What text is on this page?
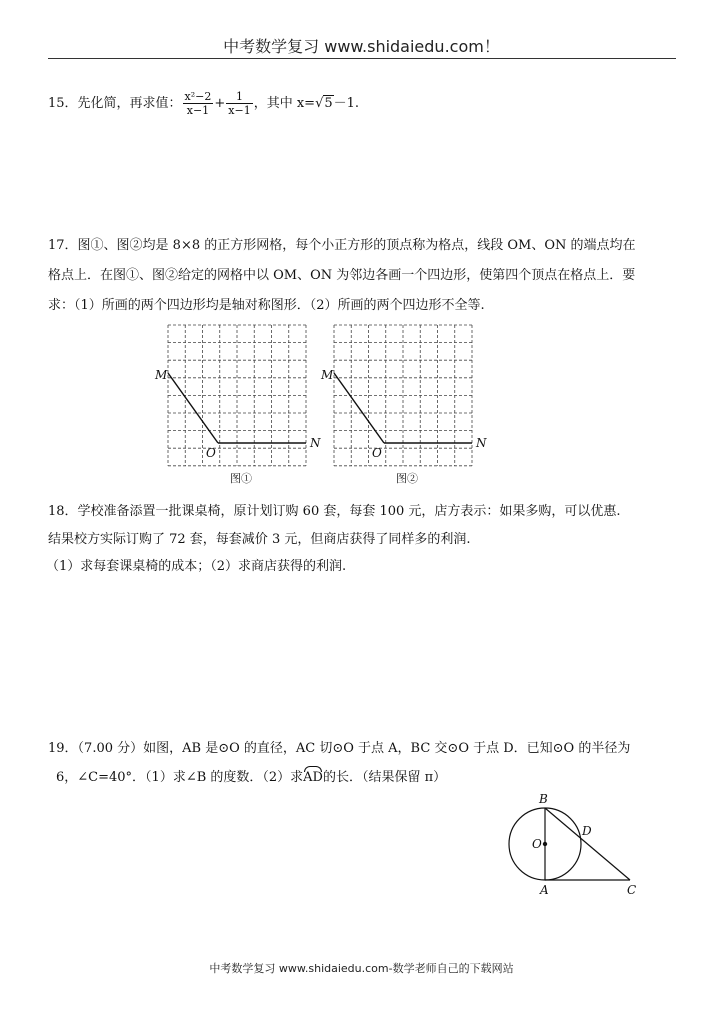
中考数学复习 www.shidaiedu.com！
15．先化简，再求值： $\frac{\text{x²−2}}{x-1} + \frac{1}{x-1}$ ，其中 x=√5－1.
17．图①、图②均是 8×8 的正方形网格，每个小正方形的顶点称为格点，线段 OM、ON 的端点均在
格点上．在图①、图②给定的网格中以 OM、ON 为邻边各画一个四边形，使第四个顶点在格点上．要
求：（1）所画的两个四边形均是轴对称图形．（2）所画的两个四边形不全等.
M
O
N
图①
M
O
N
图②
18．学校准备添置一批课桌椅，原计划订购 60 套，每套 100 元，店方表示：如果多购，可以优惠.
结果校方实际订购了 72 套，每套减价 3 元，但商店获得了同样多的利润.
（1）求每套课桌椅的成本；（2）求商店获得的利润.
19．（7.00 分）如图，AB 是⊙O 的直径，AC 切⊙O 于点 A，BC 交⊙O 于点 D．已知⊙O 的半径为
6，∠C=40°．（1）求∠B 的度数．（2）求AD的长．（结果保留 π）
B
D
O
A	C
中考数学复习 www.shidaiedu.com-数学老师自己的下载网站
